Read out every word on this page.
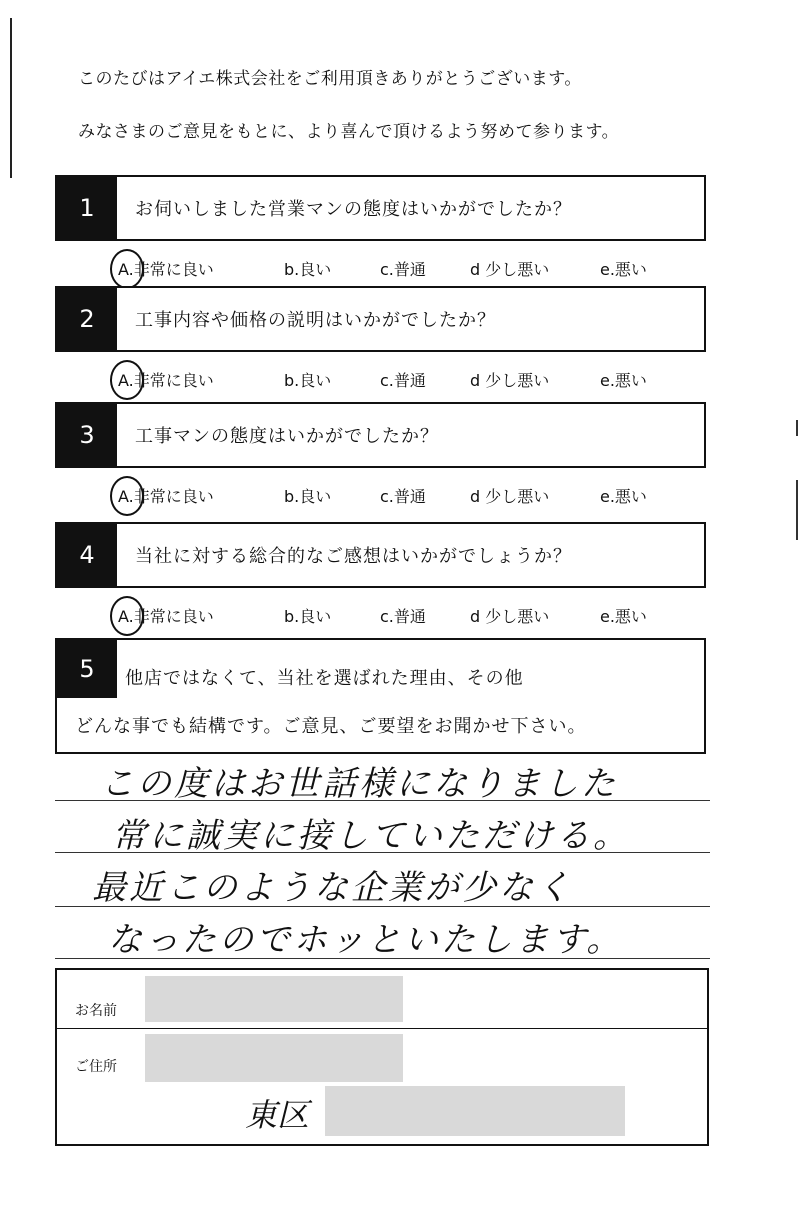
このたびはアイエ株式会社をご利用頂きありがとうございます。
みなさまのご意見をもとに、より喜んで頂けるよう努めて参ります。
1	お伺いしました営業マンの態度はいかがでしたか？
A.非常に良い	b.良い	c.普通	d 少し悪い	e.悪い
2	工事内容や価格の説明はいかがでしたか？
A.非常に良い	b.良い	c.普通	d 少し悪い	e.悪い
3	工事マンの態度はいかがでしたか？
A.非常に良い	b.良い	c.普通	d 少し悪い	e.悪い
4	当社に対する総合的なご感想はいかがでしょうか？
A.非常に良い	b.良い	c.普通	d 少し悪い	e.悪い
5	他店ではなくて、当社を選ばれた理由、その他
どんな事でも結構です。ご意見、ご要望をお聞かせ下さい。
この度はお世話様になりました
常に誠実に接していただける。
最近このような企業が少なく
なったのでホッといたします。
お名前
ご住所
東区
